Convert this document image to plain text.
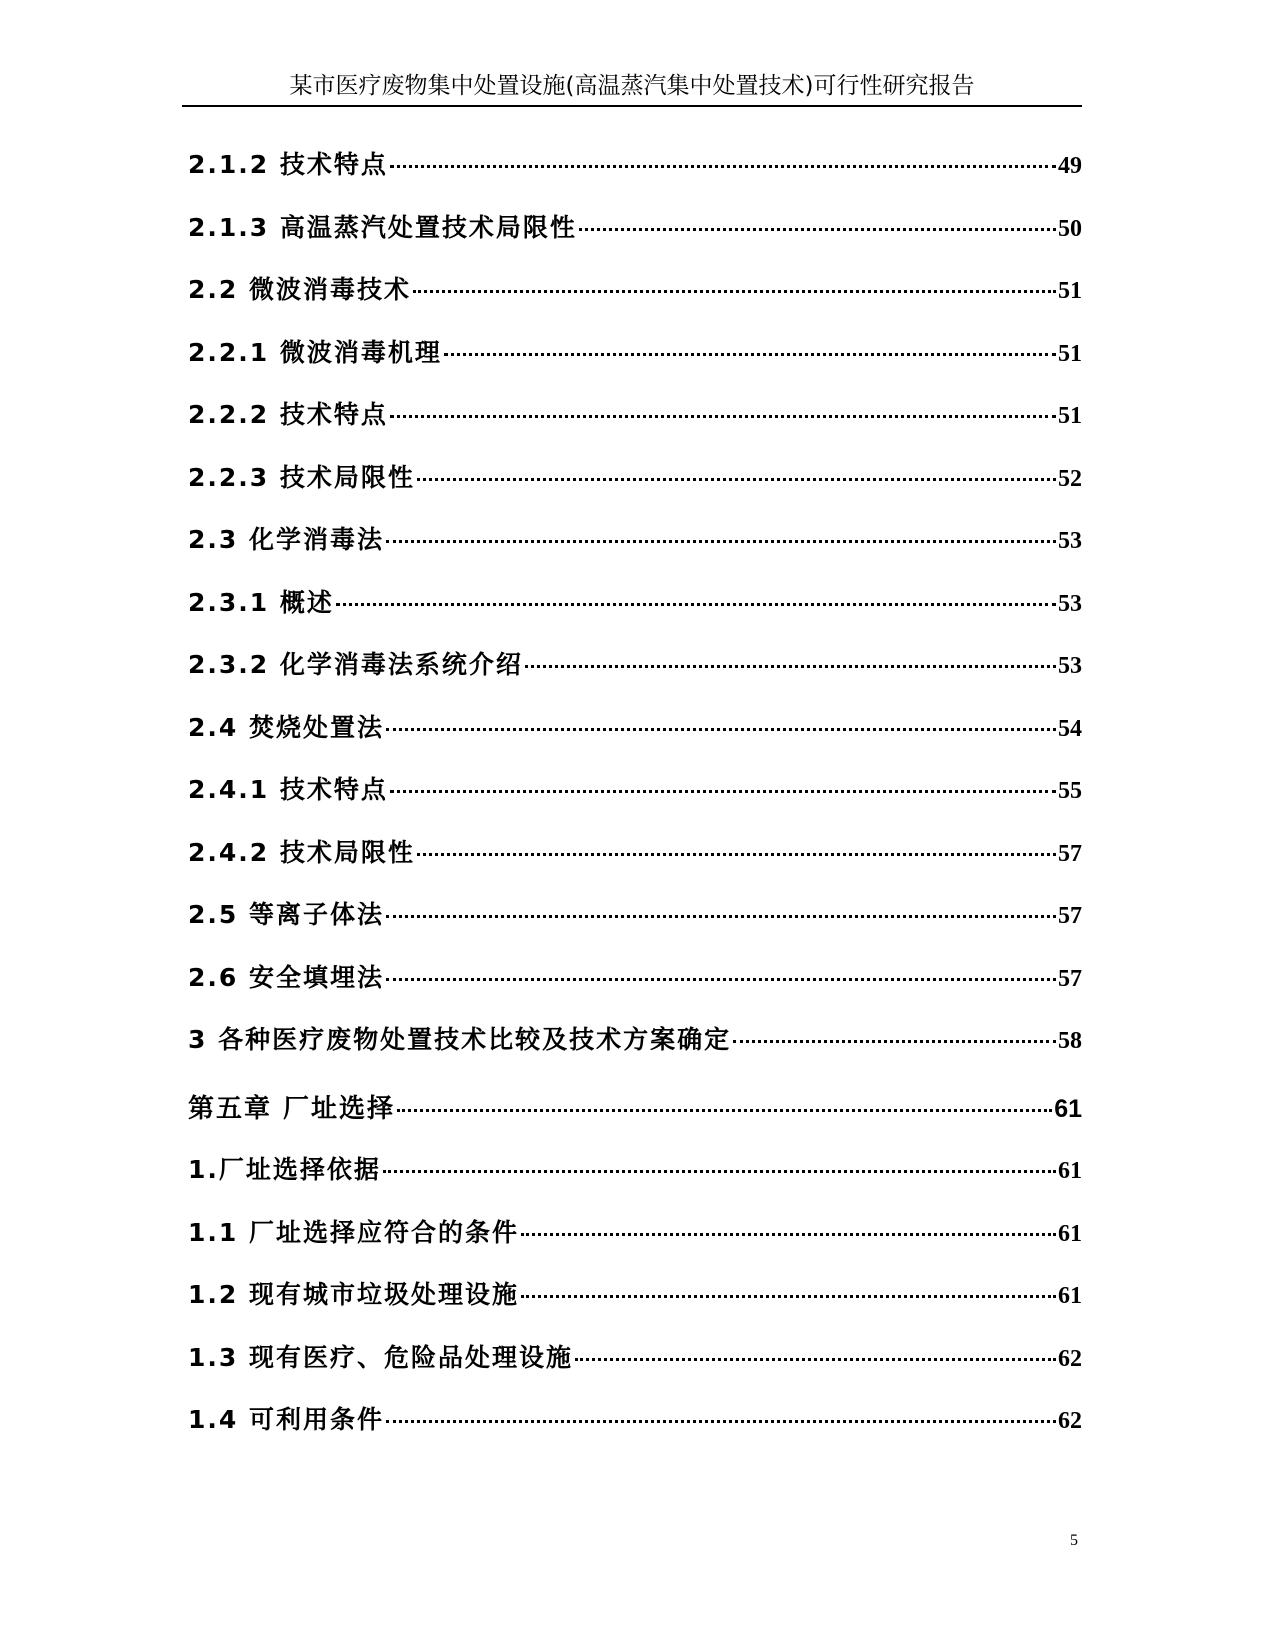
某市医疗废物集中处置设施(高温蒸汽集中处置技术)可行性研究报告
2.1.2 技术特点	49
2.1.3 高温蒸汽处置技术局限性	50
2.2 微波消毒技术	51
2.2.1 微波消毒机理	51
2.2.2 技术特点	51
2.2.3 技术局限性	52
2.3 化学消毒法	53
2.3.1 概述	53
2.3.2 化学消毒法系统介绍	53
2.4 焚烧处置法	54
2.4.1 技术特点	55
2.4.2 技术局限性	57
2.5 等离子体法	57
2.6 安全填埋法	57
3 各种医疗废物处置技术比较及技术方案确定	58
第五章 厂址选择	61
1.厂址选择依据	61
1.1 厂址选择应符合的条件	61
1.2 现有城市垃圾处理设施	61
1.3 现有医疗、危险品处理设施	62
1.4 可利用条件	62
5
